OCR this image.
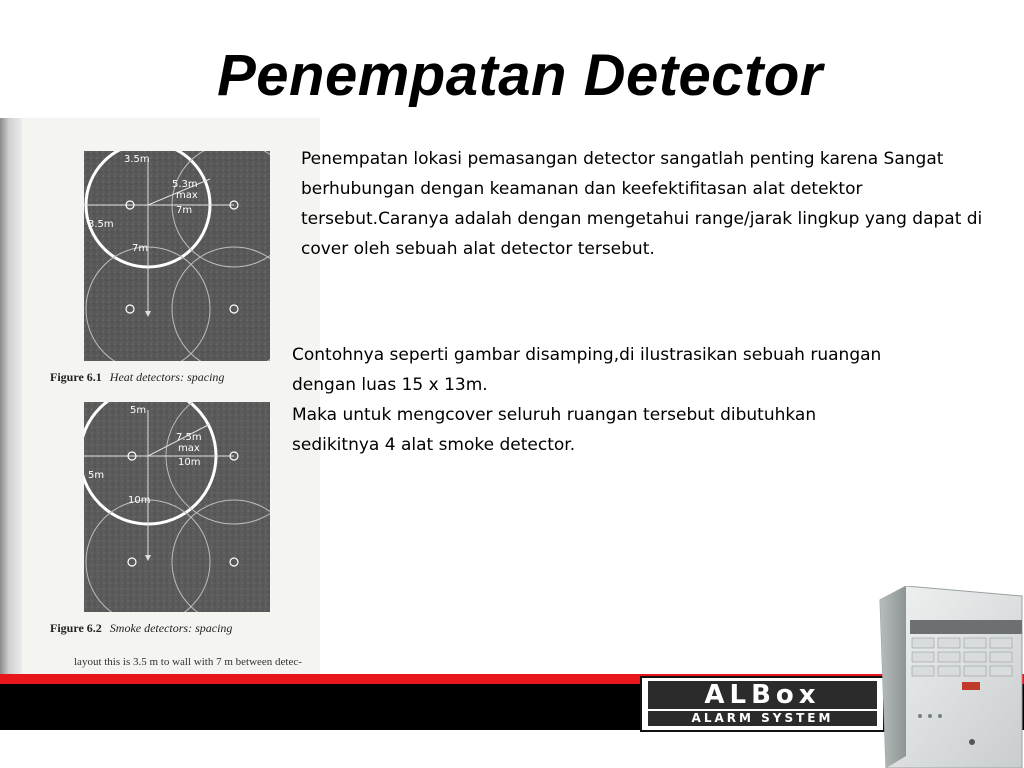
Penempatan Detector
3.5m
5.3m
max
7m
3.5m
7m
Figure 6.1 Heat detectors: spacing
5m
7.5m
max
10m
5m
10m
Figure 6.2 Smoke detectors: spacing
layout this is 3.5 m to wall with 7 m between detec-
Penempatan lokasi pemasangan detector sangatlah penting karena Sangat berhubungan dengan keamanan dan keefektifitasan alat detektor tersebut.Caranya adalah dengan mengetahui range/jarak lingkup yang dapat di cover oleh sebuah alat detector tersebut.
Contohnya seperti gambar disamping,di ilustrasikan sebuah ruangan
dengan luas 15 x 13m.
Maka untuk mengcover seluruh ruangan tersebut dibutuhkan
sedikitnya 4 alat smoke detector.
ALBox
ALARM SYSTEM
